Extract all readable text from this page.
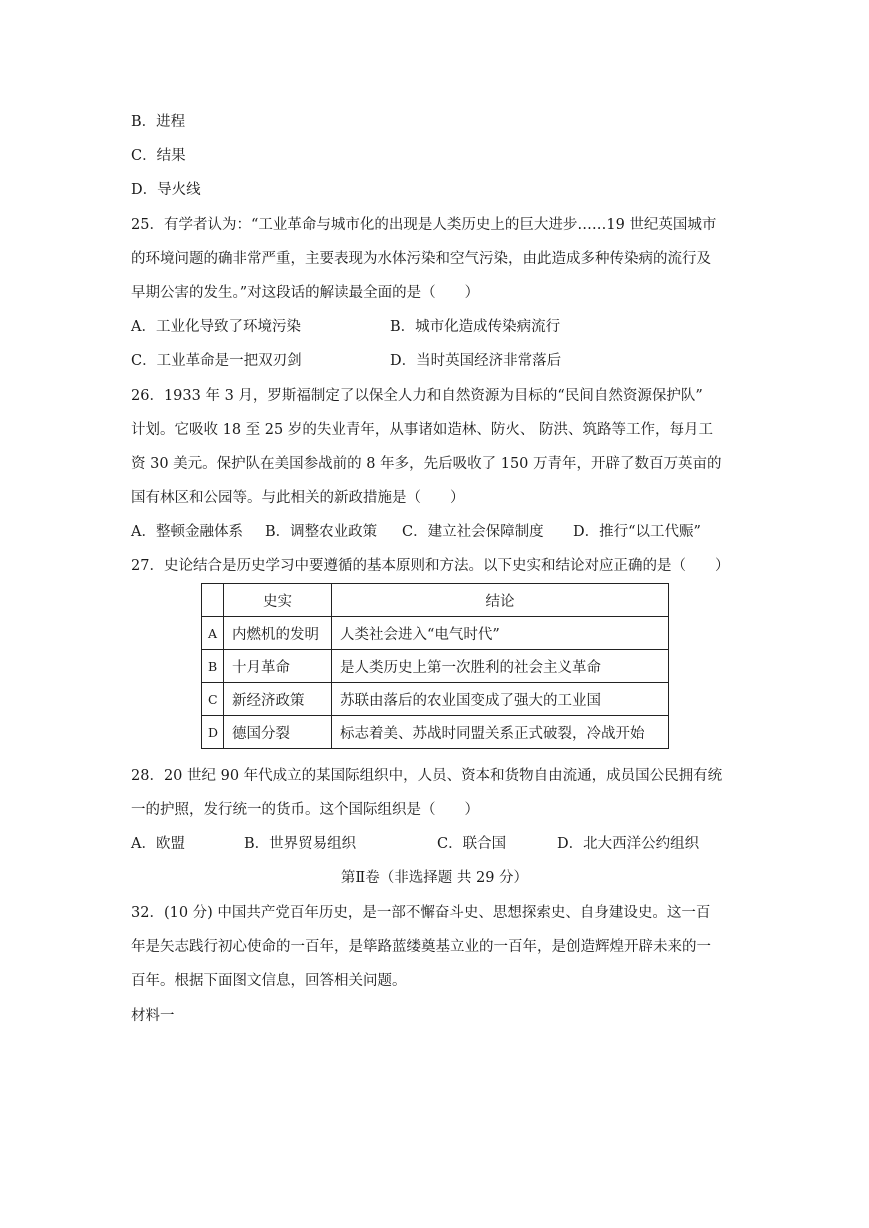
B．进程
C．结果
D．导火线
25．有学者认为：“工业革命与城市化的出现是人类历史上的巨大进步……19 世纪英国城市
的环境问题的确非常严重，主要表现为水体污染和空气污染，由此造成多种传染病的流行及
早期公害的发生。”对这段话的解读最全面的是（　　）
A．工业化导致了环境污染	B．城市化造成传染病流行
C．工业革命是一把双刃剑	D．当时英国经济非常落后
26．1933 年 3 月，罗斯福制定了以保全人力和自然资源为目标的“民间自然资源保护队”
计划。它吸收 18 至 25 岁的失业青年，从事诸如造林、防火、 防洪、筑路等工作，每月工
资 30 美元。保护队在美国参战前的 8 年多，先后吸收了 150 万青年，开辟了数百万英亩的
国有林区和公园等。与此相关的新政措施是（　　）
A．整顿金融体系 B．调整农业政策 C．建立社会保障制度 D．推行“以工代赈”
27．史论结合是历史学习中要遵循的基本原则和方法。以下史实和结论对应正确的是（　　）
	史实	结论
A	内燃机的发明	人类社会进入“电气时代”
B	十月革命	是人类历史上第一次胜利的社会主义革命
C	新经济政策	苏联由落后的农业国变成了强大的工业国
D	德国分裂	标志着美、苏战时同盟关系正式破裂，冷战开始
28．20 世纪 90 年代成立的某国际组织中，人员、资本和货物自由流通，成员国公民拥有统
一的护照，发行统一的货币。这个国际组织是（　　）
A．欧盟	B．世界贸易组织	C．联合国	D．北大西洋公约组织
第Ⅱ卷（非选择题 共 29 分）
32．(10 分) 中国共产党百年历史，是一部不懈奋斗史、思想探索史、自身建设史。这一百
年是矢志践行初心使命的一百年，是筚路蓝缕奠基立业的一百年，是创造辉煌开辟未来的一
百年。根据下面图文信息，回答相关问题。
材料一
